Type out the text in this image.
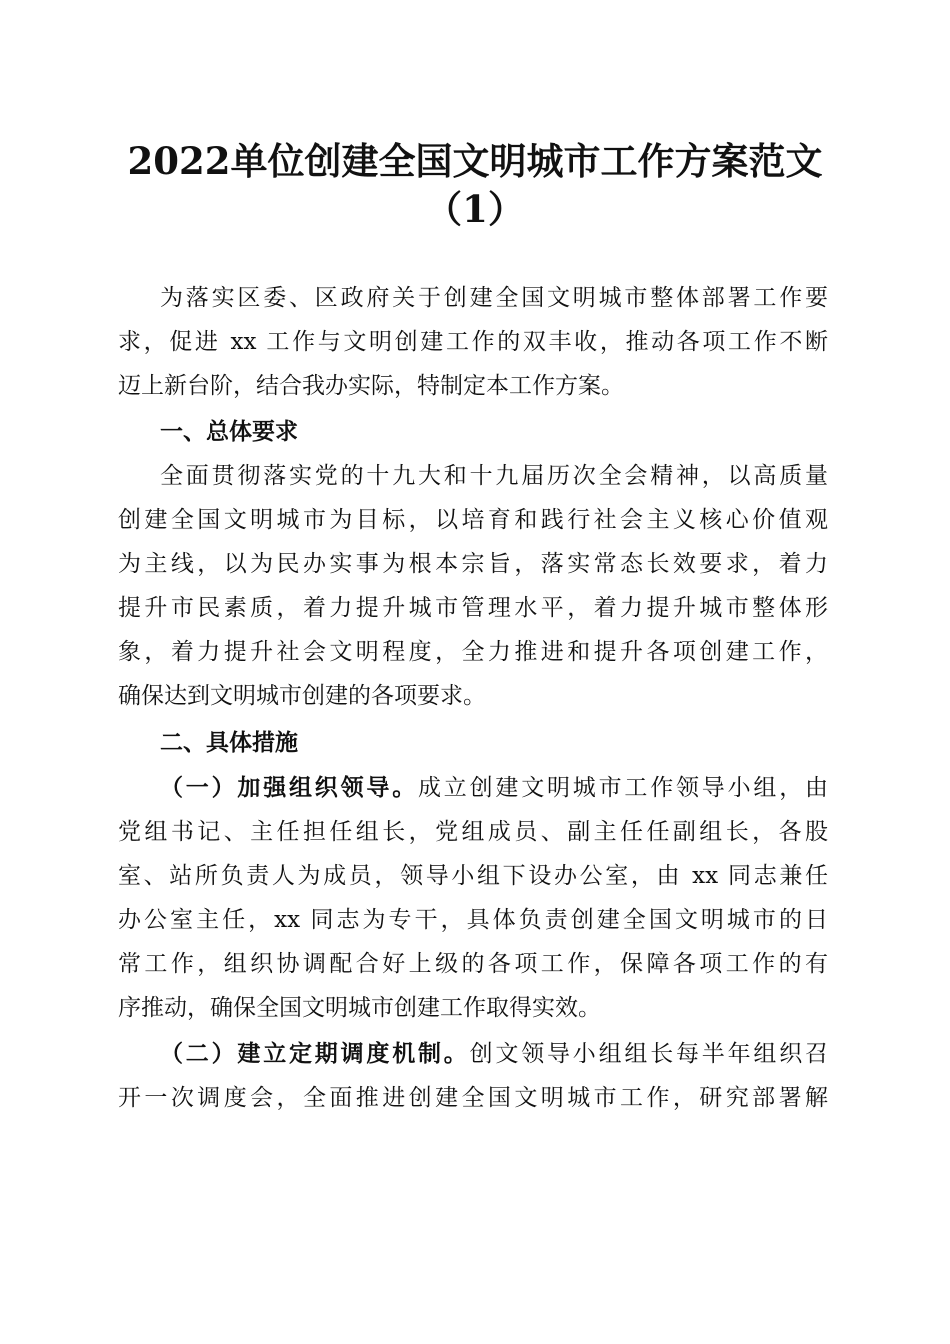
2022单位创建全国文明城市工作方案范文
（1）
为落实区委、区政府关于创建全国文明城市整体部署工作要
求，促进 xx 工作与文明创建工作的双丰收，推动各项工作不断
迈上新台阶，结合我办实际，特制定本工作方案。
一、总体要求
全面贯彻落实党的十九大和十九届历次全会精神，以高质量
创建全国文明城市为目标，以培育和践行社会主义核心价值观
为主线，以为民办实事为根本宗旨，落实常态长效要求，着力
提升市民素质，着力提升城市管理水平，着力提升城市整体形
象，着力提升社会文明程度，全力推进和提升各项创建工作，
确保达到文明城市创建的各项要求。
二、具体措施
（一）加强组织领导。成立创建文明城市工作领导小组，由
党组书记、主任担任组长，党组成员、副主任任副组长，各股
室、站所负责人为成员，领导小组下设办公室，由 xx 同志兼任
办公室主任，xx 同志为专干，具体负责创建全国文明城市的日
常工作，组织协调配合好上级的各项工作，保障各项工作的有
序推动，确保全国文明城市创建工作取得实效。
（二）建立定期调度机制。创文领导小组组长每半年组织召
开一次调度会，全面推进创建全国文明城市工作，研究部署解
